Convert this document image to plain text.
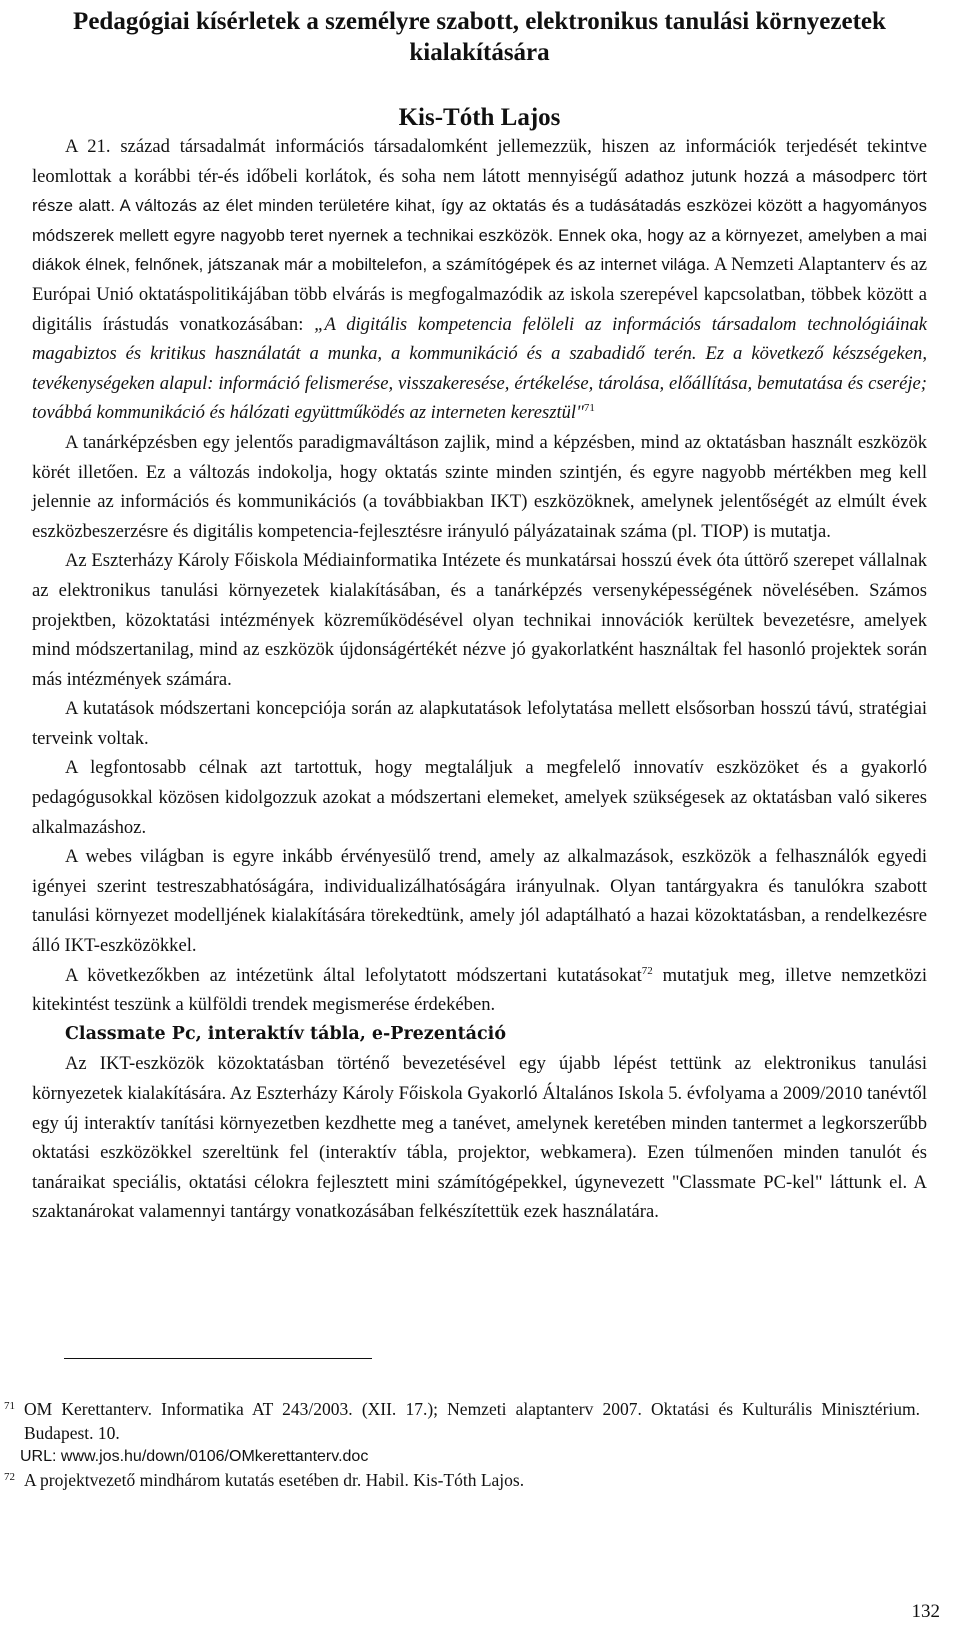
Pedagógiai kísérletek a személyre szabott, elektronikus tanulási környezetek kialakítására
Kis-Tóth Lajos

A 21. század társadalmát információs társadalomként jellemezzük, hiszen az információk terjedését tekintve leomlottak a korábbi tér-és időbeli korlátok, és soha nem látott mennyiségű adathoz jutunk hozzá a másodperc tört része alatt. A változás az élet minden területére kihat, így az oktatás és a tudásátadás eszközei között a hagyományos módszerek mellett egyre nagyobb teret nyernek a technikai eszközök. Ennek oka, hogy az a környezet, amelyben a mai diákok élnek, felnőnek, játszanak már a mobiltelefon, a számítógépek és az internet világa. A Nemzeti Alaptanterv és az Európai Unió oktatáspolitikájában több elvárás is megfogalmazódik az iskola szerepével kapcsolatban, többek között a digitális írástudás vonatkozásában: „A digitális kompetencia felöleli az információs társadalom technológiáinak magabiztos és kritikus használatát a munka, a kommunikáció és a szabadidő terén. Ez a következő készségeken, tevékenységeken alapul: információ felismerése, visszakeresése, értékelése, tárolása, előállítása, bemutatása és cseréje; továbbá kommunikáció és hálózati együttműködés az interneten keresztül"$^{71}$

A tanárképzésben egy jelentős paradigmaváltáson zajlik, mind a képzésben, mind az oktatásban használt eszközök körét illetően. Ez a változás indokolja, hogy oktatás szinte minden szintjén, és egyre nagyobb mértékben meg kell jelennie az információs és kommunikációs (a továbbiakban IKT) eszközöknek, amelynek jelentőségét az elmúlt évek eszközbeszerzésre és digitális kompetencia-fejlesztésre irányuló pályázatainak száma (pl. TIOP) is mutatja.

Az Eszterházy Károly Főiskola Médiainformatika Intézete és munkatársai hosszú évek óta úttörő szerepet vállalnak az elektronikus tanulási környezetek kialakításában, és a tanárképzés versenyképességének növelésében. Számos projektben, közoktatási intézmények közreműködésével olyan technikai innovációk kerültek bevezetésre, amelyek mind módszertanilag, mind az eszközök újdonságértékét nézve jó gyakorlatként használtak fel hasonló projektek során más intézmények számára.

A kutatások módszertani koncepciója során az alapkutatások lefolytatása mellett elsősorban hosszú távú, stratégiai terveink voltak.

A legfontosabb célnak azt tartottuk, hogy megtaláljuk a megfelelő innovatív eszközöket és a gyakorló pedagógusokkal közösen kidolgozzuk azokat a módszertani elemeket, amelyek szükségesek az oktatásban való sikeres alkalmazáshoz.

A webes világban is egyre inkább érvényesülő trend, amely az alkalmazások, eszközök a felhasználók egyedi igényei szerint testreszabhatóságára, individualizálhatóságára irányulnak. Olyan tantárgyakra és tanulókra szabott tanulási környezet modelljének kialakítására törekedtünk, amely jól adaptálható a hazai közoktatásban, a rendelkezésre álló IKT-eszközökkel.

A következőkben az intézetünk által lefolytatott módszertani kutatásokat$^{72}$ mutatjuk meg, illetve nemzetközi kitekintést teszünk a külföldi trendek megismerése érdekében.

Classmate Pc, interaktív tábla, e-Prezentáció

Az IKT-eszközök közoktatásban történő bevezetésével egy újabb lépést tettünk az elektronikus tanulási környezetek kialakítására. Az Eszterházy Károly Főiskola Gyakorló Általános Iskola 5. évfolyama a 2009/2010 tanévtől egy új interaktív tanítási környezetben kezdhette meg a tanévet, amelynek keretében minden tantermet a legkorszerűbb oktatási eszközökkel szereltünk fel (interaktív tábla, projektor, webkamera). Ezen túlmenően minden tanulót és tanáraikat speciális, oktatási célokra fejlesztett mini számítógépekkel, úgynevezett "Classmate PC-kel" láttunk el. A szaktanárokat valamennyi tantárgy vonatkozásában felkészítettük ezek használatára.

71 OM Kerettanterv. Informatika AT 243/2003. (XII. 17.); Nemzeti alaptanterv 2007. Oktatási és Kulturális Minisztérium. Budapest. 10.
URL: www.jos.hu/down/0106/OMkerettanterv.doc
72 A projektvezető mindhárom kutatás esetében dr. Habil. Kis-Tóth Lajos.
132
